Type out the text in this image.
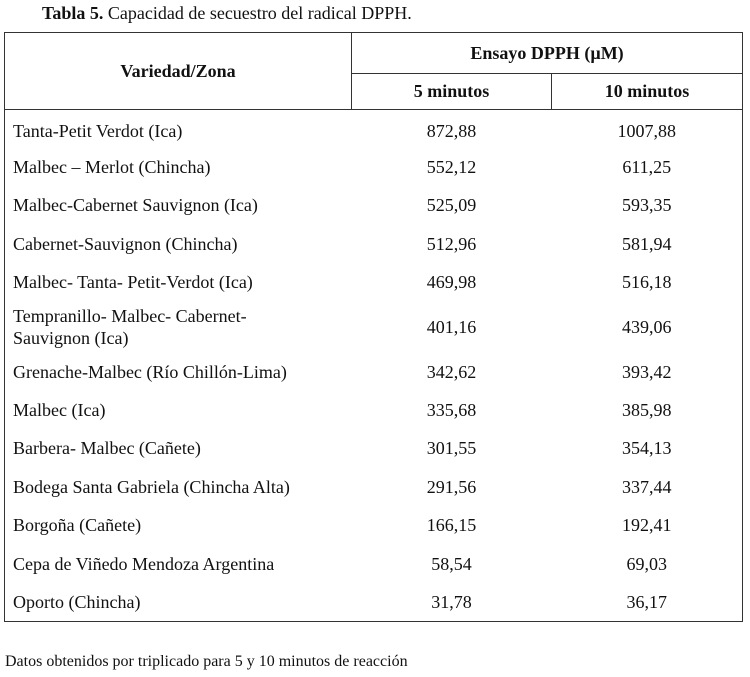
Tabla 5. Capacidad de secuestro del radical DPPH.
Variedad/Zona	Ensayo DPPH (µM)	
	5 minutos	10 minutos
Tanta-Petit Verdot (Ica)	872,88	1007,88
Malbec – Merlot (Chincha)	552,12	611,25
Malbec-Cabernet Sauvignon (Ica)	525,09	593,35
Cabernet-Sauvignon (Chincha)	512,96	581,94
Malbec- Tanta- Petit-Verdot (Ica)	469,98	516,18
Tempranillo- Malbec- Cabernet-
Sauvignon (Ica)	401,16	439,06
Grenache-Malbec (Río Chillón-Lima)	342,62	393,42
Malbec (Ica)	335,68	385,98
Barbera- Malbec (Cañete)	301,55	354,13
Bodega Santa Gabriela (Chincha Alta)	291,56	337,44
Borgoña (Cañete)	166,15	192,41
Cepa de Viñedo Mendoza Argentina	58,54	69,03
Oporto (Chincha)	31,78	36,17
Datos obtenidos por triplicado para 5 y 10 minutos de reacción
